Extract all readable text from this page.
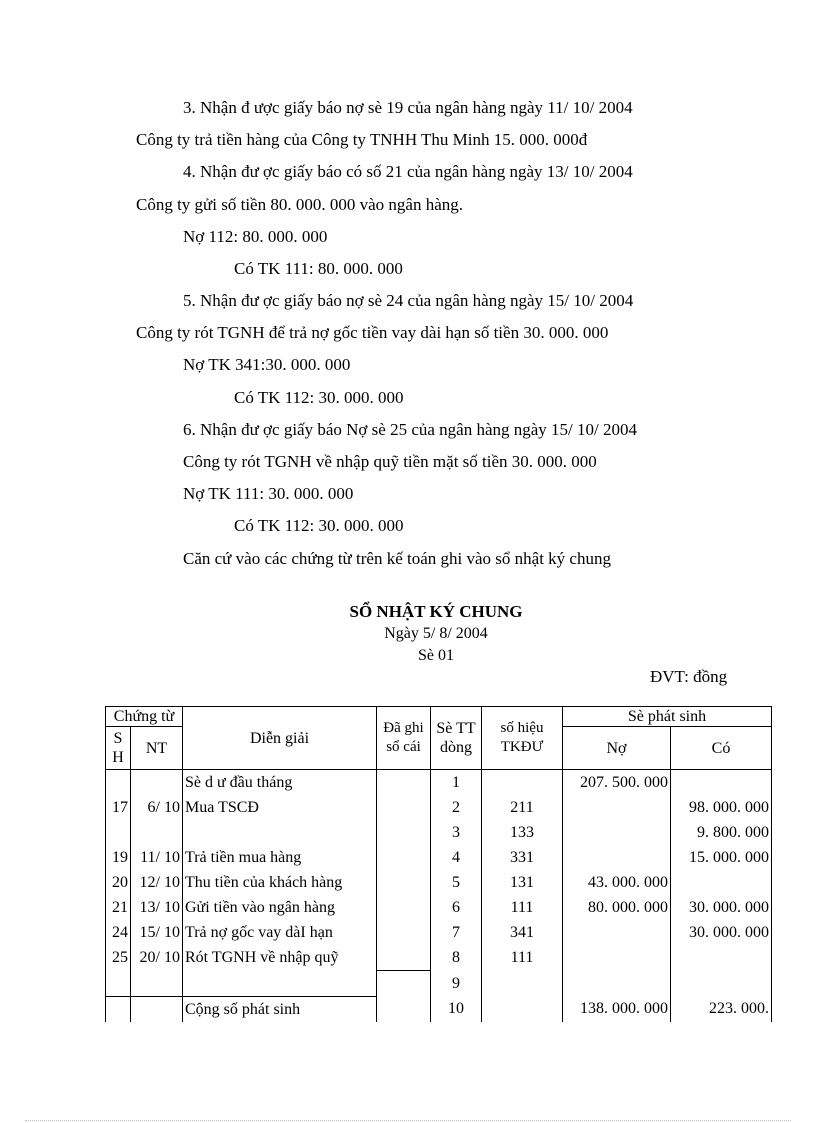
3. Nhận đ ược giấy báo nợ sè 19 của ngân hàng ngày 11/ 10/ 2004
Công ty trả tiền hàng của Công ty TNHH Thu Minh 15. 000. 000đ
4. Nhận đư ợc giấy báo có số 21 của ngân hàng ngày 13/ 10/ 2004
Công ty gửi số tiền 80. 000. 000 vào ngân hàng.
Nợ 112: 80. 000. 000
Có TK 111: 80. 000. 000
5. Nhận đư ợc giấy báo nợ sè 24 của ngân hàng ngày 15/ 10/ 2004
Công ty rót TGNH để trả nợ gốc tiền vay dài hạn số tiền 30. 000. 000
Nợ TK 341:30. 000. 000
Có TK 112: 30. 000. 000
6. Nhận đư ợc giấy báo Nợ sè 25 của ngân hàng ngày 15/ 10/ 2004
Công ty rót TGNH về nhập quỹ tiền mặt số tiền 30. 000. 000
Nợ TK 111: 30. 000. 000
Có TK 112: 30. 000. 000
Căn cứ vào các chứng từ trên kế toán ghi vào sổ nhật ký chung
SỔ NHẬT KÝ CHUNG
Ngày 5/ 8/ 2004
Sè 01
ĐVT: đồng
Chứng từ		Diễn giải	Đã ghi sổ cái	Sè TT dòng	số hiệu TKĐƯ	Sè phát sinh	
S H	NT					Nợ	Có
		Sè d ư đầu tháng		1		207. 500. 000	
17	6/ 10	Mua TSCĐ		2	211		98. 000. 000
				3	133		9. 800. 000
19	11/ 10	Trả tiền mua hàng		4	331		15. 000. 000
20	12/ 10	Thu tiền của khách hàng		5	131	43. 000. 000	
21	13/ 10	Gửi tiền vào ngân hàng		6	111	80. 000. 000	30. 000. 000
24	15/ 10	Trả nợ gốc vay dàI hạn		7	341		30. 000. 000
25	20/ 10	Rót TGNH về nhập quỹ		8	111		
				9			
		Cộng số phát sinh		10		138. 000. 000	223. 000.
